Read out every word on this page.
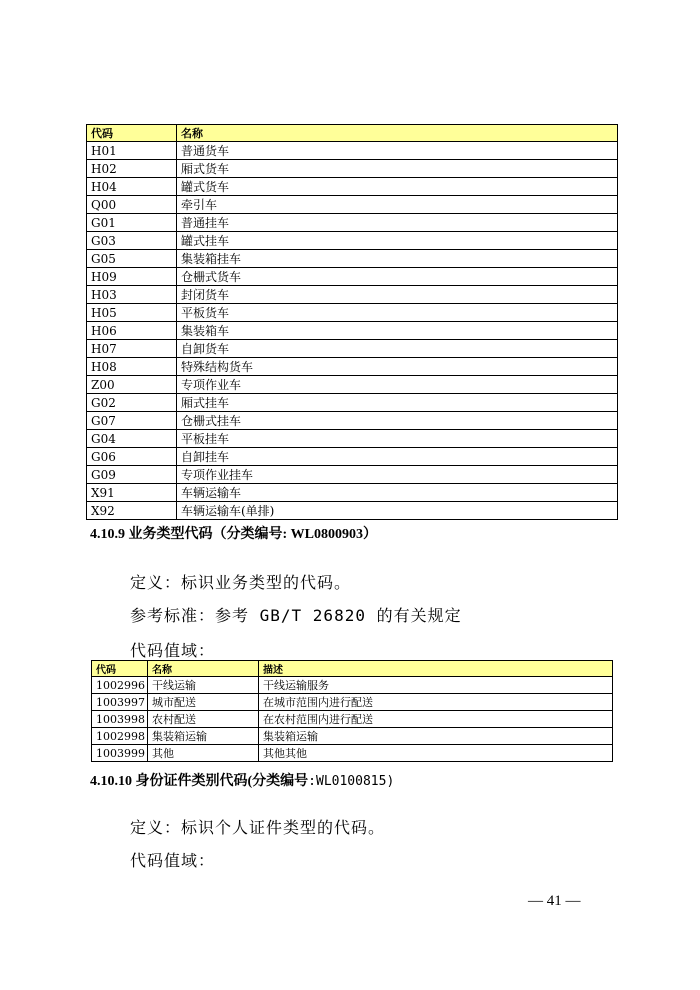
代码	名称
H01	普通货车
H02	厢式货车
H04	罐式货车
Q00	牵引车
G01	普通挂车
G03	罐式挂车
G05	集装箱挂车
H09	仓栅式货车
H03	封闭货车
H05	平板货车
H06	集装箱车
H07	自卸货车
H08	特殊结构货车
Z00	专项作业车
G02	厢式挂车
G07	仓栅式挂车
G04	平板挂车
G06	自卸挂车
G09	专项作业挂车
X91	车辆运输车
X92	车辆运输车(单排)
4.10.9 业务类型代码（分类编号: WL0800903）
定义：标识业务类型的代码。
参考标准：参考 GB/T 26820 的有关规定
代码值域：
代码	名称	描述
1002996	干线运输	干线运输服务
1003997	城市配送	在城市范围内进行配送
1003998	农村配送	在农村范围内进行配送
1002998	集装箱运输	集装箱运输
1003999	其他	其他其他
4.10.10 身份证件类别代码(分类编号:WL0100815)
定义：标识个人证件类型的代码。
代码值域：
— 41 —
